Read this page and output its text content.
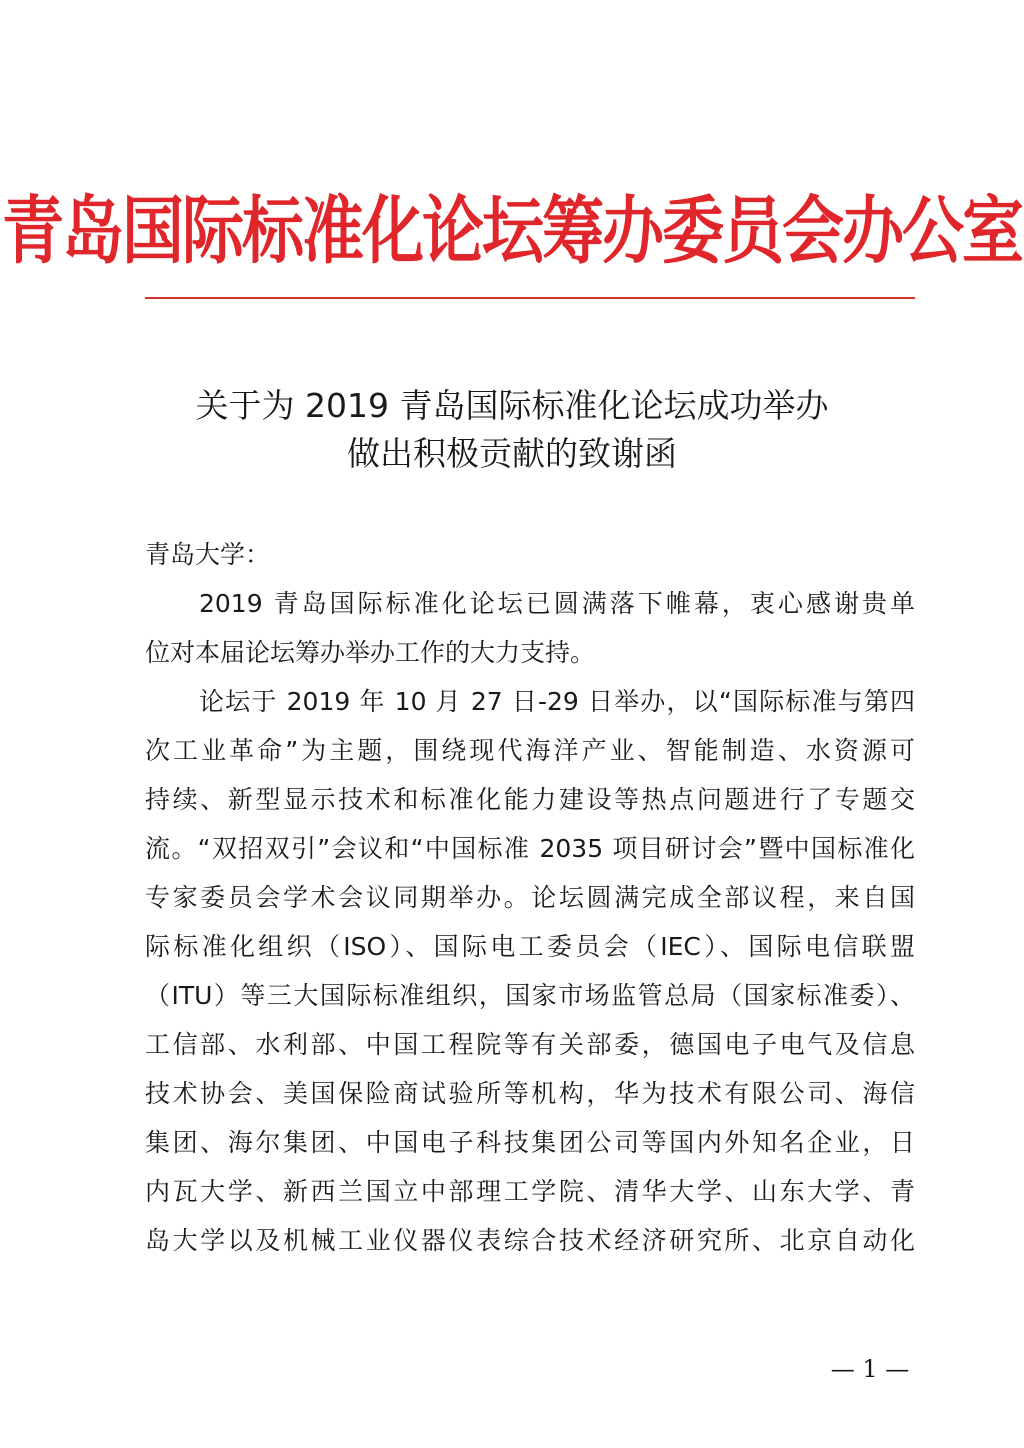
青岛国际标准化论坛筹办委员会办公室
关于为 2019 青岛国际标准化论坛成功举办
做出积极贡献的致谢函
青岛大学：
2019 青岛国际标准化论坛已圆满落下帷幕，衷心感谢贵单
位对本届论坛筹办举办工作的大力支持。
论坛于 2019 年 10 月 27 日-29 日举办，以“国际标准与第四
次工业革命”为主题，围绕现代海洋产业、智能制造、水资源可
持续、新型显示技术和标准化能力建设等热点问题进行了专题交
流。“双招双引”会议和“中国标准 2035 项目研讨会”暨中国标准化
专家委员会学术会议同期举办。论坛圆满完成全部议程，来自国
际标准化组织（ISO）、国际电工委员会（IEC）、国际电信联盟
（ITU）等三大国际标准组织，国家市场监管总局（国家标准委）、
工信部、水利部、中国工程院等有关部委，德国电子电气及信息
技术协会、美国保险商试验所等机构，华为技术有限公司、海信
集团、海尔集团、中国电子科技集团公司等国内外知名企业，日
内瓦大学、新西兰国立中部理工学院、清华大学、山东大学、青
岛大学以及机械工业仪器仪表综合技术经济研究所、北京自动化
— 1 —
